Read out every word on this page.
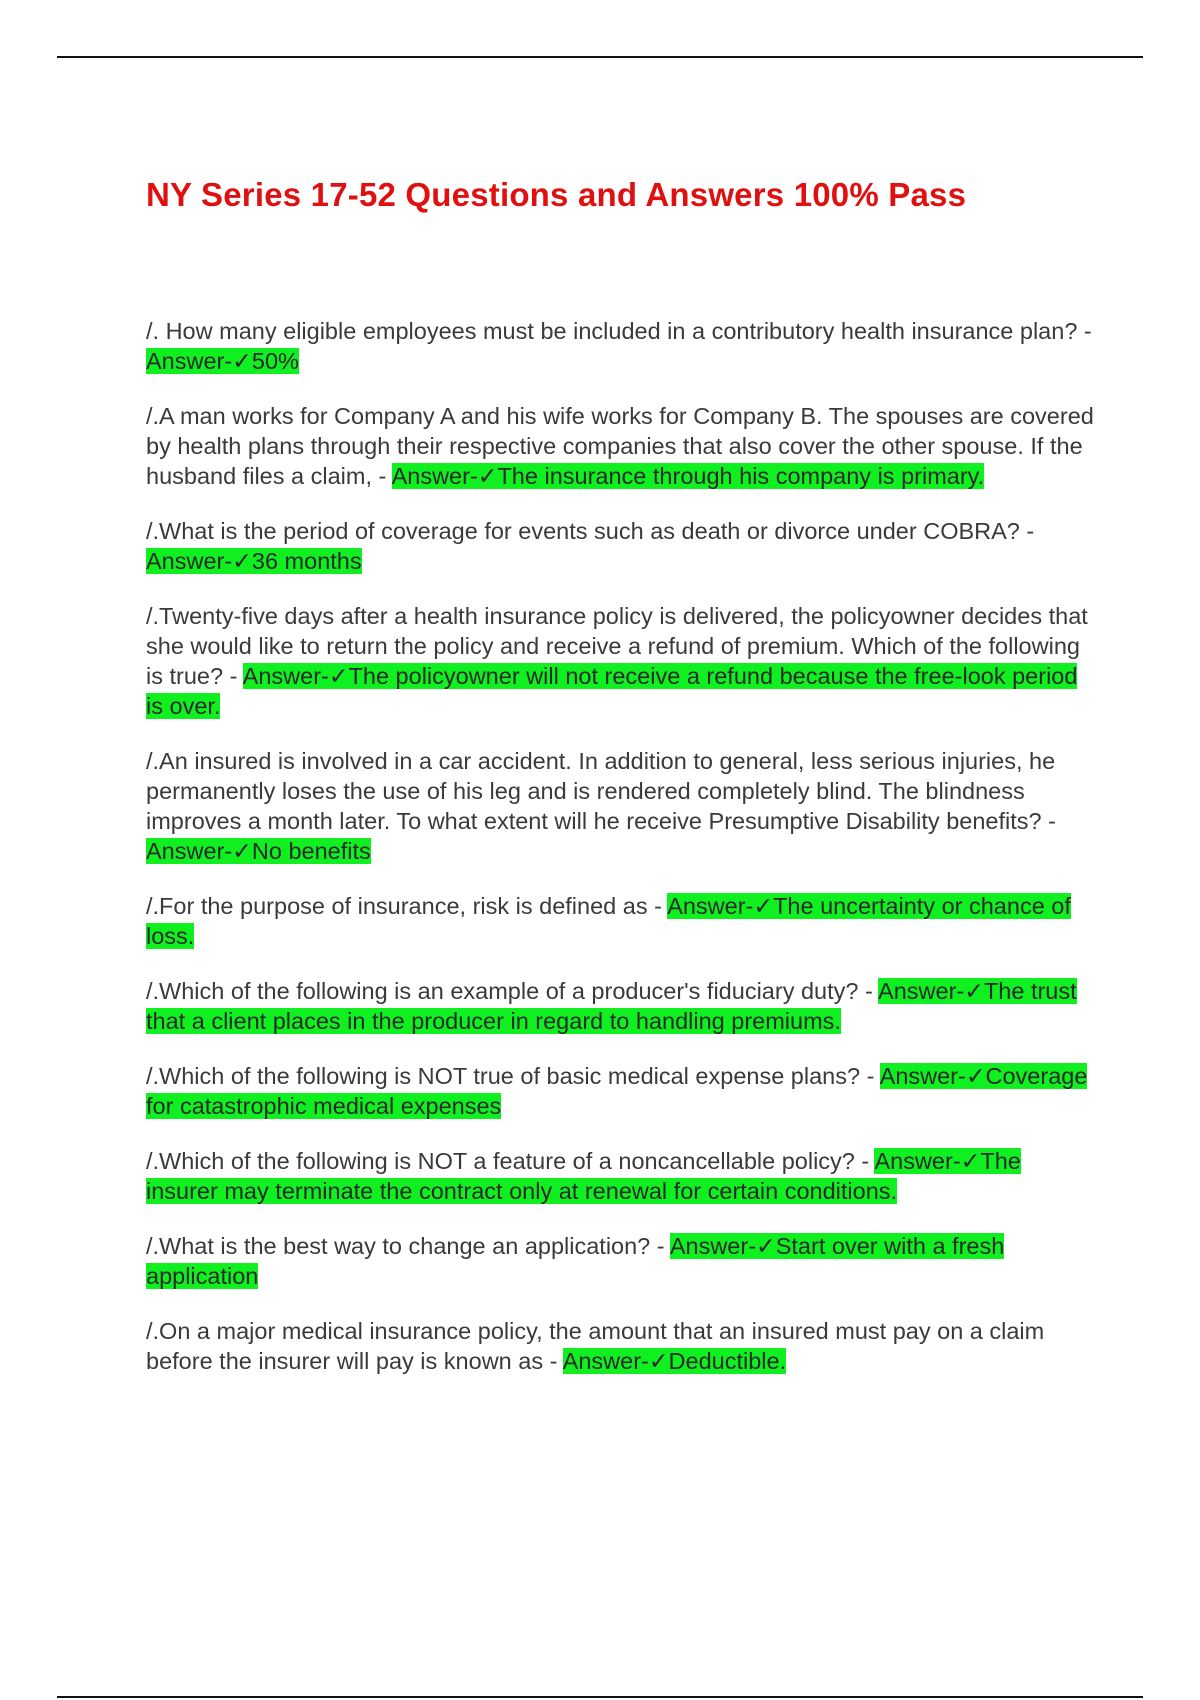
NY Series 17-52 Questions and Answers 100% Pass

/. How many eligible employees must be included in a contributory health insurance plan? - Answer-✓50%

/.A man works for Company A and his wife works for Company B. The spouses are covered by health plans through their respective companies that also cover the other spouse. If the husband files a claim, - Answer-✓The insurance through his company is primary.

/.What is the period of coverage for events such as death or divorce under COBRA? - Answer-✓36 months

/.Twenty-five days after a health insurance policy is delivered, the policyowner decides that she would like to return the policy and receive a refund of premium. Which of the following is true? - Answer-✓The policyowner will not receive a refund because the free-look period is over.

/.An insured is involved in a car accident. In addition to general, less serious injuries, he permanently loses the use of his leg and is rendered completely blind. The blindness improves a month later. To what extent will he receive Presumptive Disability benefits? - Answer-✓No benefits

/.For the purpose of insurance, risk is defined as - Answer-✓The uncertainty or chance of loss.

/.Which of the following is an example of a producer's fiduciary duty? - Answer-✓The trust that a client places in the producer in regard to handling premiums.

/.Which of the following is NOT true of basic medical expense plans? - Answer-✓Coverage for catastrophic medical expenses

/.Which of the following is NOT a feature of a noncancellable policy? - Answer-✓The insurer may terminate the contract only at renewal for certain conditions.

/.What is the best way to change an application? - Answer-✓Start over with a fresh application

/.On a major medical insurance policy, the amount that an insured must pay on a claim before the insurer will pay is known as - Answer-✓Deductible.
